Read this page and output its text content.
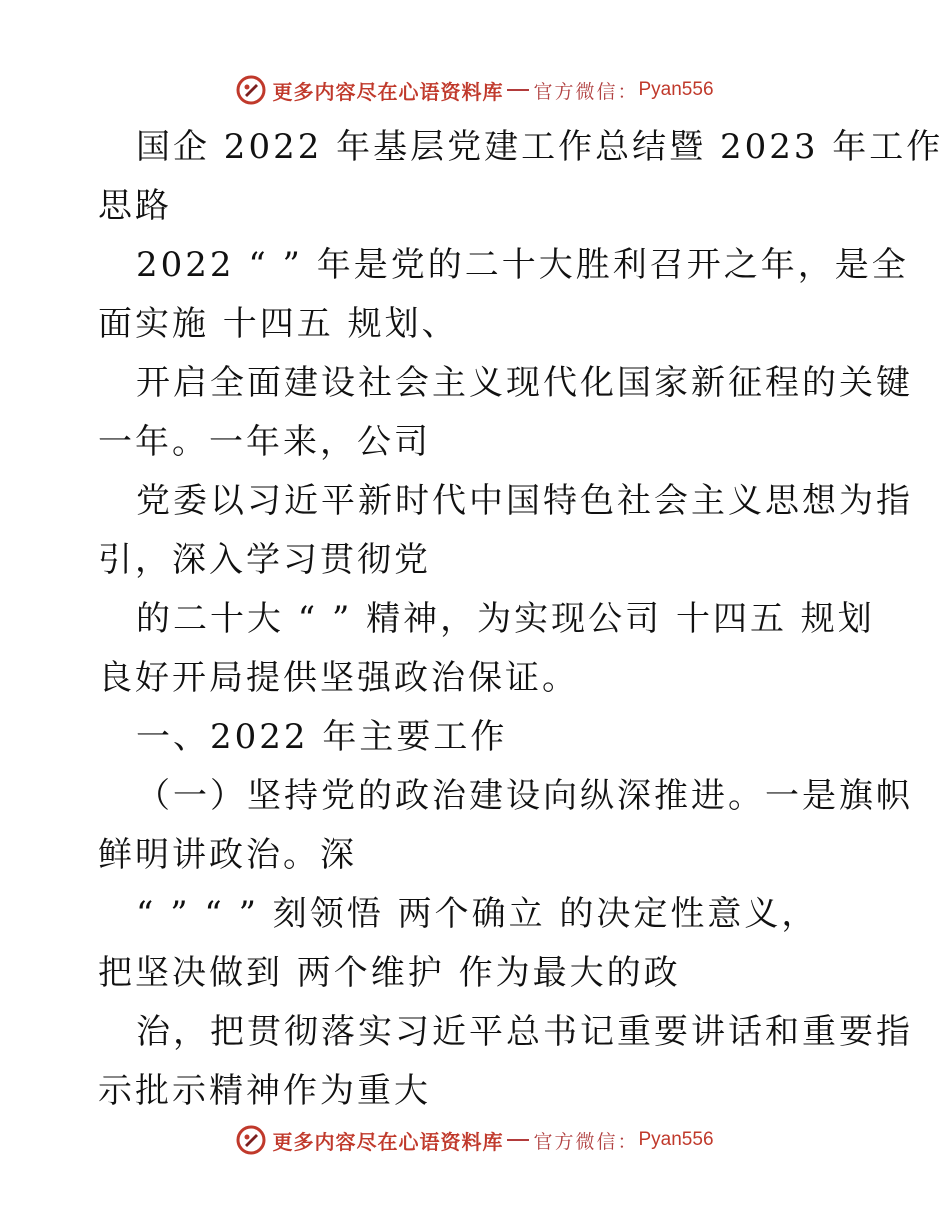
更多内容尽在心语资料库 官方微信： Pyan556

国企 2022 年基层党建工作总结暨 2023 年工作

思路

2022 “ ” 年是党的二十大胜利召开之年，是全

面实施 十四五 规划、

开启全面建设社会主义现代化国家新征程的关键

一年。一年来，公司

党委以习近平新时代中国特色社会主义思想为指

引，深入学习贯彻党

的二十大 “ ” 精神，为实现公司 十四五 规划

良好开局提供坚强政治保证。

一、2022 年主要工作

（一）坚持党的政治建设向纵深推进。一是旗帜

鲜明讲政治。深

“ ” “ ” 刻领悟 两个确立 的决定性意义，

把坚决做到 两个维护 作为最大的政

治，把贯彻落实习近平总书记重要讲话和重要指

示批示精神作为重大

更多内容尽在心语资料库 官方微信： Pyan556
